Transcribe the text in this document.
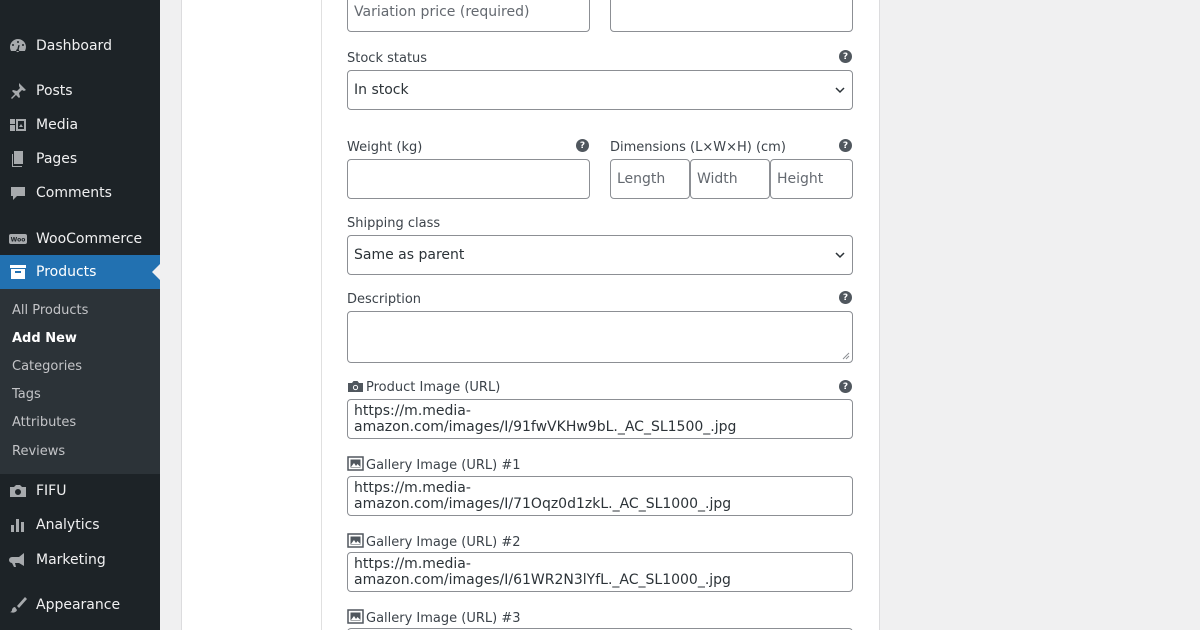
Dashboard
Posts
Media
Pages
Comments
Woo WooCommerce
Products
All Products
Add New
Categories
Tags
Attributes
Reviews
FIFU
Analytics
Marketing
Appearance
Variation price (required)
Stock status	?
In stock
Weight (kg)	? Dimensions (L×W×H) (cm)	?
Length Width	Height
Shipping class
Same as parent
Description	?
Product Image (URL)	?
https://m.media-amazon.com/images/I/91fwVKHw9bL._AC_SL1500_.jpg
Gallery Image (URL) #1
https://m.media-amazon.com/images/I/71Oqz0d1zkL._AC_SL1000_.jpg
Gallery Image (URL) #2
https://m.media-amazon.com/images/I/61WR2N3lYfL._AC_SL1000_.jpg
Gallery Image (URL) #3
